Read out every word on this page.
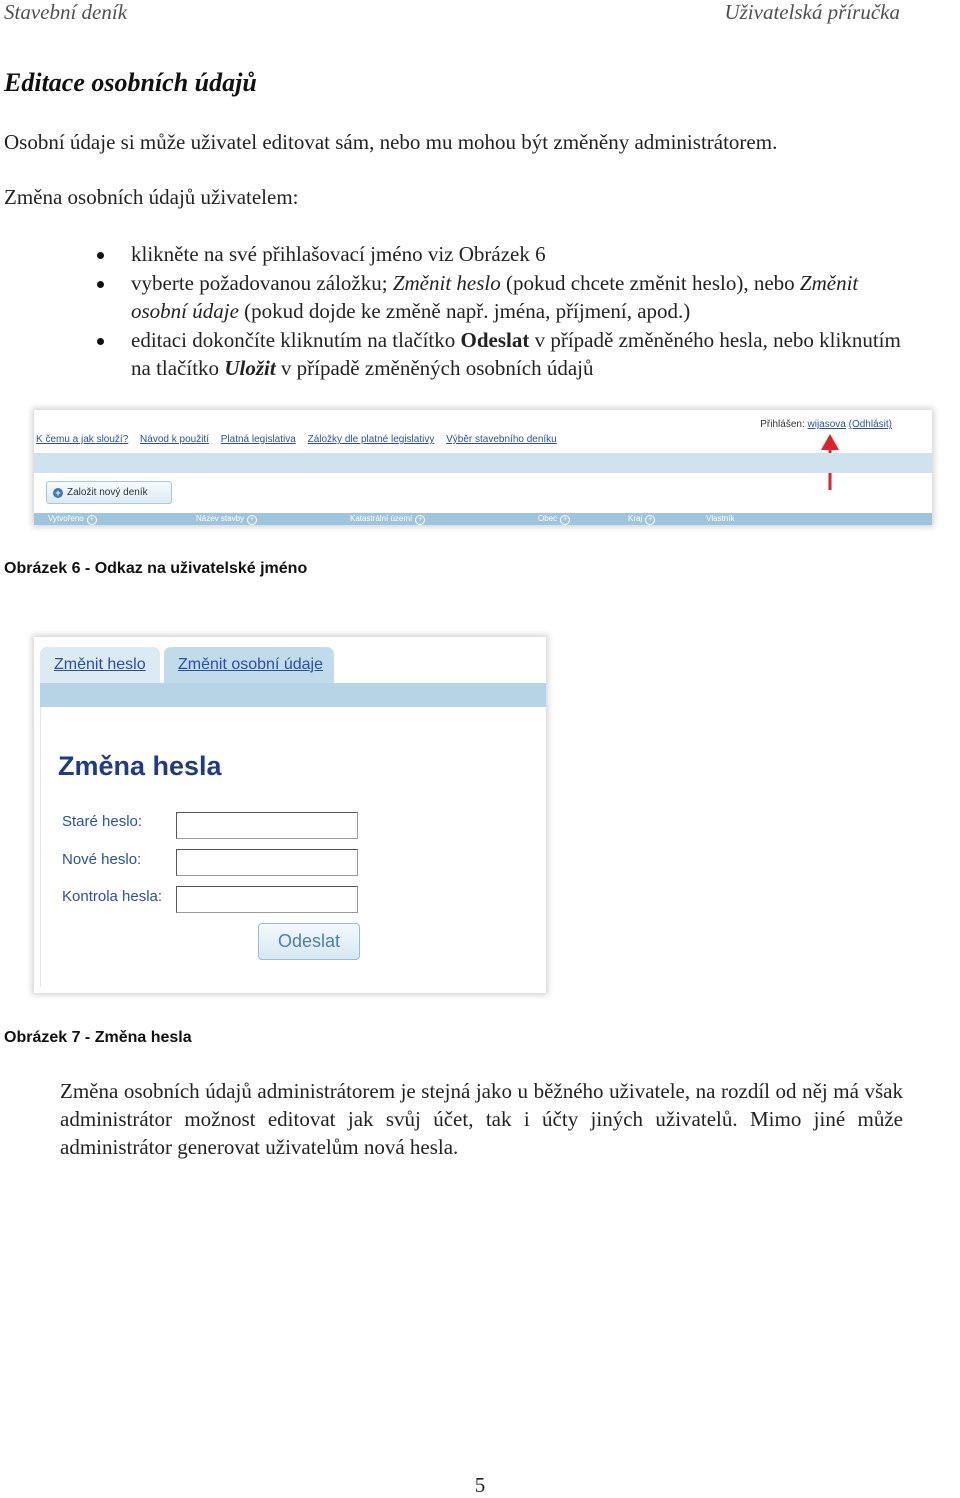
Stavební deník	Uživatelská příručka
Editace osobních údajů
Osobní údaje si může uživatel editovat sám, nebo mu mohou být změněny administrátorem.
Změna osobních údajů uživatelem:
klikněte na své přihlašovací jméno viz Obrázek 6
vyberte požadovanou záložku; Změnit heslo (pokud chcete změnit heslo), nebo Změnit osobní údaje (pokud dojde ke změně např. jména, příjmení, apod.)
editaci dokončíte kliknutím na tlačítko Odeslat v případě změněného hesla, nebo kliknutím na tlačítko Uložit v případě změněných osobních údajů
K čemu a jak slouží? Návod k použití Platná legislativa Záložky dle platné legislativy Výběr stavebního deníku
Přihlášen: wijasova (Odhlásit)
+ Založit nový deník
Vytvořeno +	Název stavby +	Katastrální území +	Obec +	Kraj +	Vlastník
Obrázek 6 - Odkaz na uživatelské jméno
Změnit heslo Změnit osobní údaje
Změna hesla
Staré heslo:
Nové heslo:
Kontrola hesla:
Odeslat
Obrázek 7 - Změna hesla
Změna osobních údajů administrátorem je stejná jako u běžného uživatele, na rozdíl od něj má však administrátor možnost editovat jak svůj účet, tak i účty jiných uživatelů. Mimo jiné může administrátor generovat uživatelům nová hesla.
5
